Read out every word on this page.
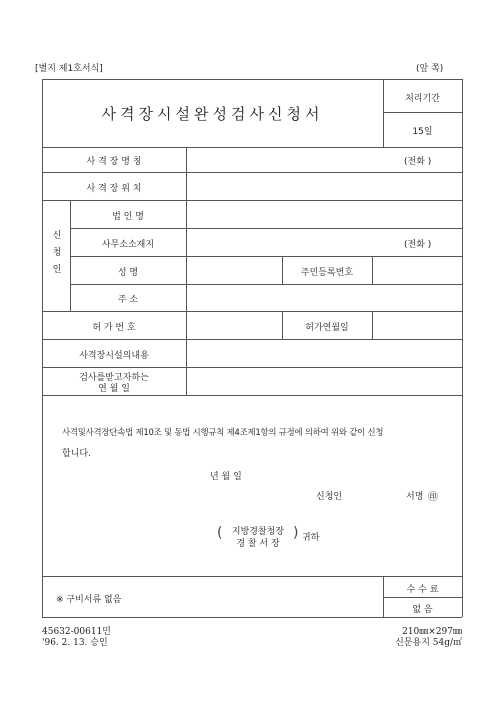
[별지 제1호서식]	(앞 쪽)
사격장시설완성검사신청서
처리기간
15일
사 격 장 명 칭	(전화 )
사 격 장 위 치
신청인
법 인 명
사무소소재지	(전화 )
성 명	주민등록번호
주 소
허 가 번 호	허가연월일
사격장시설의내용
검사를받고자하는
연 월 일
사격및사격장단속법 제10조 및 동법 시행규칙 제4조제1항의 규정에 의하여 위와 같이 신청
합니다.
년 월 일
신청인	서명 ㊞
(	지방경찰청장
경 찰 서 장
) 귀하
※ 구비서류 없음
수 수 료
없 음
45632-00611민
'96. 2. 13. 승인
210㎜×297㎜
신문용지 54g/㎡
